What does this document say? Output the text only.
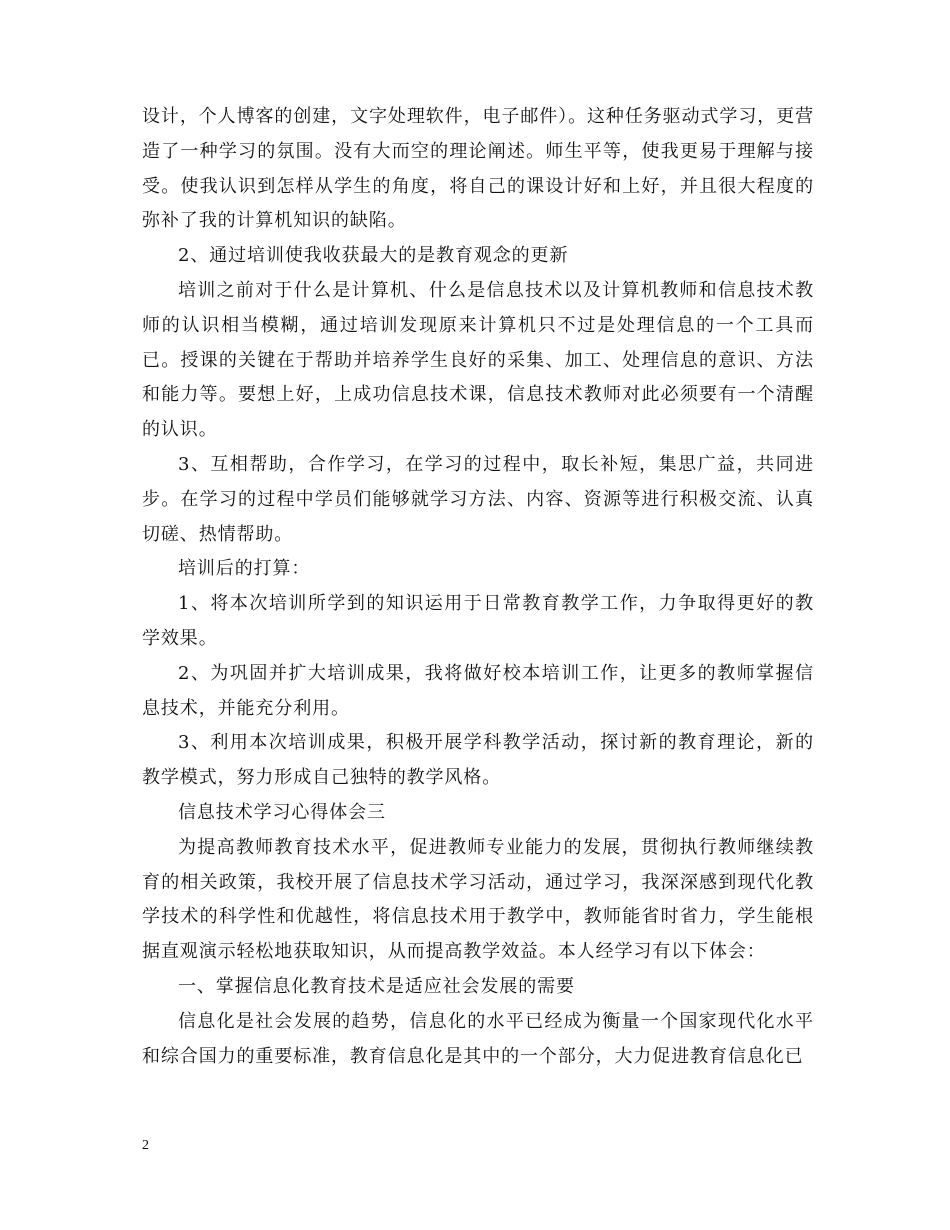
设计，个人博客的创建，文字处理软件，电子邮件）。这种任务驱动式学习，更营造了一种学习的氛围。没有大而空的理论阐述。师生平等，使我更易于理解与接受。使我认识到怎样从学生的角度，将自己的课设计好和上好，并且很大程度的弥补了我的计算机知识的缺陷。

2、通过培训使我收获最大的是教育观念的更新

培训之前对于什么是计算机、什么是信息技术以及计算机教师和信息技术教师的认识相当模糊，通过培训发现原来计算机只不过是处理信息的一个工具而已。授课的关键在于帮助并培养学生良好的采集、加工、处理信息的意识、方法和能力等。要想上好，上成功信息技术课，信息技术教师对此必须要有一个清醒的认识。

3、互相帮助，合作学习，在学习的过程中，取长补短，集思广益，共同进步。在学习的过程中学员们能够就学习方法、内容、资源等进行积极交流、认真切磋、热情帮助。

培训后的打算：

1、将本次培训所学到的知识运用于日常教育教学工作，力争取得更好的教学效果。

2、为巩固并扩大培训成果，我将做好校本培训工作，让更多的教师掌握信息技术，并能充分利用。

3、利用本次培训成果，积极开展学科教学活动，探讨新的教育理论，新的教学模式，努力形成自己独特的教学风格。

信息技术学习心得体会三

为提高教师教育技术水平，促进教师专业能力的发展，贯彻执行教师继续教育的相关政策，我校开展了信息技术学习活动，通过学习，我深深感到现代化教学技术的科学性和优越性，将信息技术用于教学中，教师能省时省力，学生能根据直观演示轻松地获取知识，从而提高教学效益。本人经学习有以下体会：

一、掌握信息化教育技术是适应社会发展的需要

信息化是社会发展的趋势，信息化的水平已经成为衡量一个国家现代化水平和综合国力的重要标准，教育信息化是其中的一个部分，大力促进教育信息化已

2
